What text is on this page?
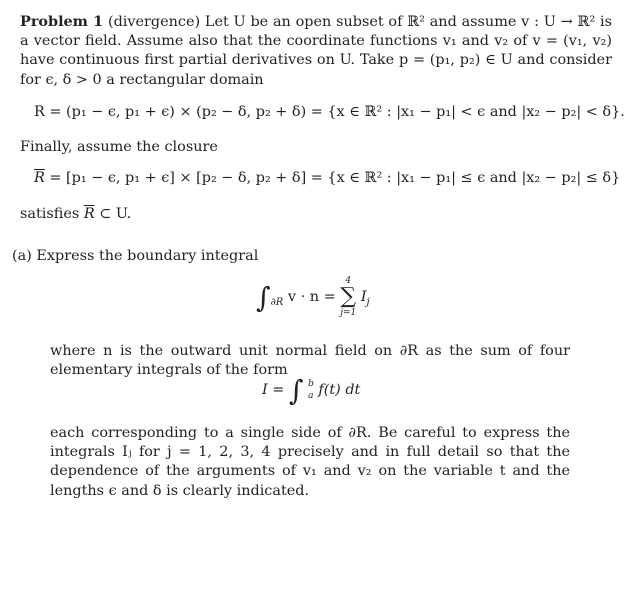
Problem 1 (divergence) Let U be an open subset of ℝ² and assume v : U → ℝ² is a vector field. Assume also that the coordinate functions v₁ and v₂ of v = (v₁, v₂) have continuous first partial derivatives on U. Take p = (p₁, p₂) ∈ U and consider for ϵ, δ > 0 a rectangular domain
R = (p₁ − ϵ, p₁ + ϵ) × (p₂ − δ, p₂ + δ) = {x ∈ ℝ² : |x₁ − p₁| < ϵ and |x₂ − p₂| < δ}.
Finally, assume the closure
$\overline{R} = [p_1 - \epsilon$, p₁ + ϵ] × [p₂ − δ, p₂ + δ] = {x ∈ ℝ² : |x₁ − p₁| ≤ ϵ and |x₂ − p₂| ≤ δ}
satisfies $\overline{R}$ ⊂ U.
(a) Express the boundary integral
$\int_{\partial R}$ v · n =
4
∑
j=1
$I_j$
where n is the outward unit normal field on ∂R as the sum of four elementary integrals of the form
I = ∫ b
a f(t) dt
each corresponding to a single side of ∂R. Be careful to express the integrals Iⱼ for j = 1, 2, 3, 4 precisely and in full detail so that the dependence of the arguments of v₁ and v₂ on the variable t and the lengths ϵ and δ is clearly indicated.
